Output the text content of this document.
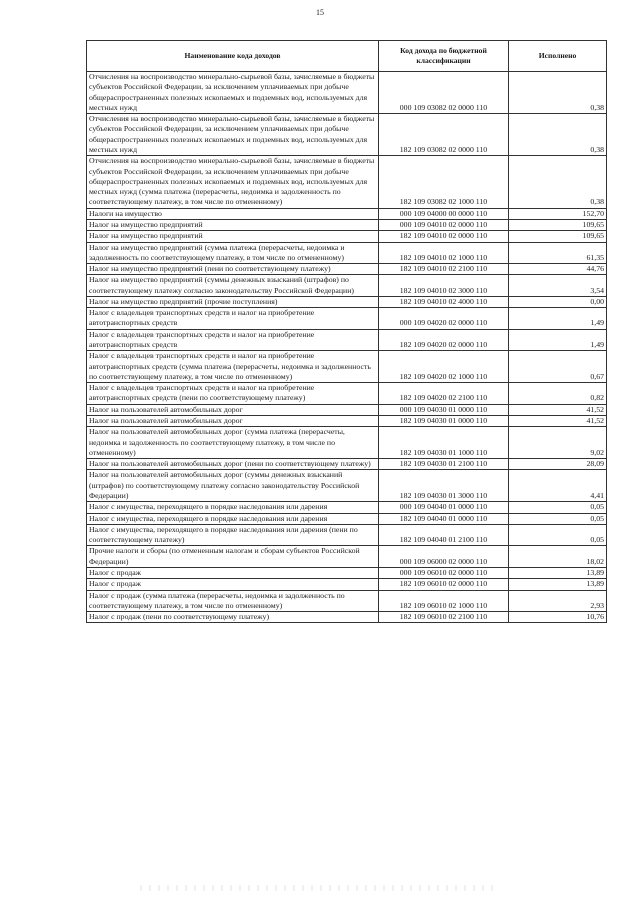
15
Наименование кода доходов	Код дохода по бюджетной классификации	Исполнено
Отчисления на воспроизводство минерально-сырьевой базы, зачисляемые в бюджеты субъектов Российской Федерации, за исключением уплачиваемых при добыче общераспространенных полезных ископаемых и подземных вод, используемых для местных нужд	000 109 03082 02 0000 110	0,38
Отчисления на воспроизводство минерально-сырьевой базы, зачисляемые в бюджеты субъектов Российской Федерации, за исключением уплачиваемых при добыче общераспространенных полезных ископаемых и подземных вод, используемых для местных нужд	182 109 03082 02 0000 110	0,38
Отчисления на воспроизводство минерально-сырьевой базы, зачисляемые в бюджеты субъектов Российской Федерации, за исключением уплачиваемых при добыче общераспространенных полезных ископаемых и подземных вод, используемых для местных нужд (сумма платежа (перерасчеты, недоимка и задолженность по соответствующему платежу, в том числе по отмененному)	182 109 03082 02 1000 110	0,38
Налоги на имущество	000 109 04000 00 0000 110	152,70
Налог на имущество предприятий	000 109 04010 02 0000 110	109,65
Налог на имущество предприятий	182 109 04010 02 0000 110	109,65
Налог на имущество предприятий (сумма платежа (перерасчеты, недоимка и задолженность по соответствующему платежу, в том числе по отмененному)	182 109 04010 02 1000 110	61,35
Налог на имущество предприятий (пени по соответствующему платежу)	182 109 04010 02 2100 110	44,76
Налог на имущество предприятий (суммы денежных взысканий (штрафов) по соответствующему платежу согласно законодательству Российской Федерации)	182 109 04010 02 3000 110	3,54
Налог на имущество предприятий (прочие поступления)	182 109 04010 02 4000 110	0,00
Налог с владельцев транспортных средств и налог на приобретение автотранспортных средств	000 109 04020 02 0000 110	1,49
Налог с владельцев транспортных средств и налог на приобретение автотранспортных средств	182 109 04020 02 0000 110	1,49
Налог с владельцев транспортных средств и налог на приобретение автотранспортных средств (сумма платежа (перерасчеты, недоимка и задолженность по соответствующему платежу, в том числе по отмененному)	182 109 04020 02 1000 110	0,67
Налог с владельцев транспортных средств и налог на приобретение автотранспортных средств (пени по соответствующему платежу)	182 109 04020 02 2100 110	0,82
Налог на пользователей автомобильных дорог	000 109 04030 01 0000 110	41,52
Налог на пользователей автомобильных дорог	182 109 04030 01 0000 110	41,52
Налог на пользователей автомобильных дорог (сумма платежа (перерасчеты, недоимка и задолженность по соответствующему платежу, в том числе по отмененному)	182 109 04030 01 1000 110	9,02
Налог на пользователей автомобильных дорог (пени по соответствующему платежу)	182 109 04030 01 2100 110	28,09
Налог на пользователей автомобильных дорог (суммы денежных взысканий (штрафов) по соответствующему платежу согласно законодательству Российской Федерации)	182 109 04030 01 3000 110	4,41
Налог с имущества, переходящего в порядке наследования или дарения	000 109 04040 01 0000 110	0,05
Налог с имущества, переходящего в порядке наследования или дарения	182 109 04040 01 0000 110	0,05
Налог с имущества, переходящего в порядке наследования или дарения (пени по соответствующему платежу)	182 109 04040 01 2100 110	0,05
Прочие налоги и сборы (по отмененным налогам и сборам субъектов Российской Федерации)	000 109 06000 02 0000 110	18,02
Налог с продаж	000 109 06010 02 0000 110	13,89
Налог с продаж	182 109 06010 02 0000 110	13,89
Налог с продаж (сумма платежа (перерасчеты, недоимка и задолженность по соответствующему платежу, в том числе по отмененному)	182 109 06010 02 1000 110	2,93
Налог с продаж (пени по соответствующему платежу)	182 109 06010 02 2100 110	10,76
